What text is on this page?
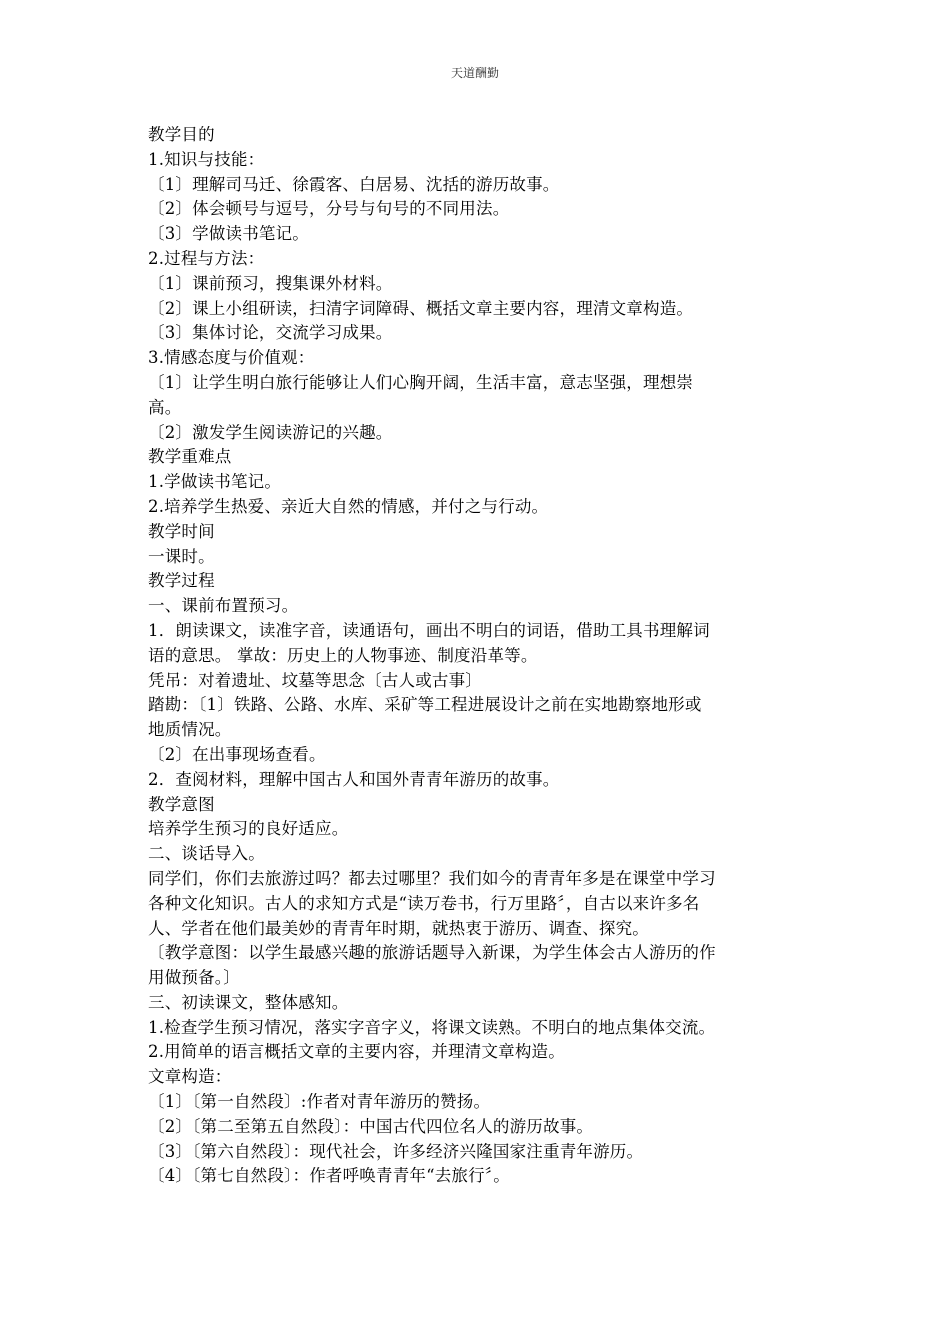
天道酬勤
教学目的
1.知识与技能：
〔1〕理解司马迁、徐霞客、白居易、沈括的游历故事。
〔2〕体会顿号与逗号，分号与句号的不同用法。
〔3〕学做读书笔记。
2.过程与方法：
〔1〕课前预习，搜集课外材料。
〔2〕课上小组研读，扫清字词障碍、概括文章主要内容，理清文章构造。
〔3〕集体讨论，交流学习成果。
3.情感态度与价值观：
〔1〕让学生明白旅行能够让人们心胸开阔，生活丰富，意志坚强，理想崇
高。
〔2〕激发学生阅读游记的兴趣。
教学重难点
1.学做读书笔记。
2.培养学生热爱、亲近大自然的情感，并付之与行动。
教学时间
一课时。
教学过程
一、课前布置预习。
1．朗读课文，读准字音，读通语句，画出不明白的词语，借助工具书理解词
语的意思。 掌故：历史上的人物事迹、制度沿革等。
凭吊：对着遗址、坟墓等思念〔古人或古事〕
踏勘：〔1〕铁路、公路、水库、采矿等工程进展设计之前在实地勘察地形或
地质情况。
〔2〕在出事现场查看。
2．查阅材料，理解中国古人和国外青青年游历的故事。
教学意图
培养学生预习的良好适应。
二、谈话导入。
同学们，你们去旅游过吗？都去过哪里？我们如今的青青年多是在课堂中学习
各种文化知识。古人的求知方式是“读万卷书，行万里路〞，自古以来许多名
人、学者在他们最美妙的青青年时期，就热衷于游历、调查、探究。
〔教学意图：以学生最感兴趣的旅游话题导入新课，为学生体会古人游历的作
用做预备。〕
三、初读课文，整体感知。
1.检查学生预习情况，落实字音字义，将课文读熟。不明白的地点集体交流。
2.用简单的语言概括文章的主要内容，并理清文章构造。
文章构造：
〔1〕〔第一自然段〕:作者对青年游历的赞扬。
〔2〕〔第二至第五自然段〕：中国古代四位名人的游历故事。
〔3〕〔第六自然段〕：现代社会，许多经济兴隆国家注重青年游历。
〔4〕〔第七自然段〕：作者呼唤青青年“去旅行〞。
